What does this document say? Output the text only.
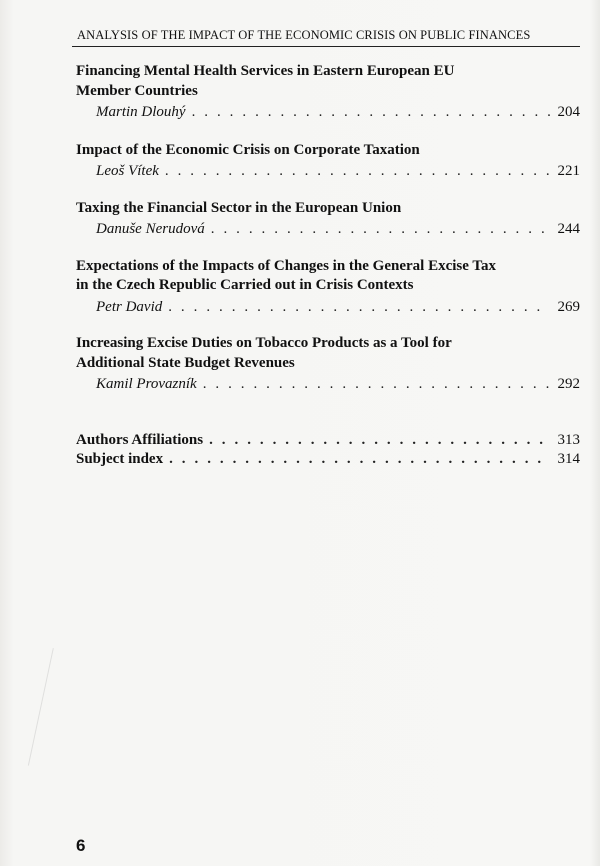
ANALYSIS OF THE IMPACT OF THE ECONOMIC CRISIS ON PUBLIC FINANCES
Financing Mental Health Services in Eastern European EU
Member Countries
Martin Dlouhý . . .	204
Impact of the Economic Crisis on Corporate Taxation
Leoš Vítek . . .	221
Taxing the Financial Sector in the European Union
Danuše Nerudová . . .	244
Expectations of the Impacts of Changes in the General Excise Tax
in the Czech Republic Carried out in Crisis Contexts
Petr David . . .	269
Increasing Excise Duties on Tobacco Products as a Tool for
Additional State Budget Revenues
Kamil Provazník . . .	292
Authors Affiliations . . .	313
Subject index . . .	314
6
